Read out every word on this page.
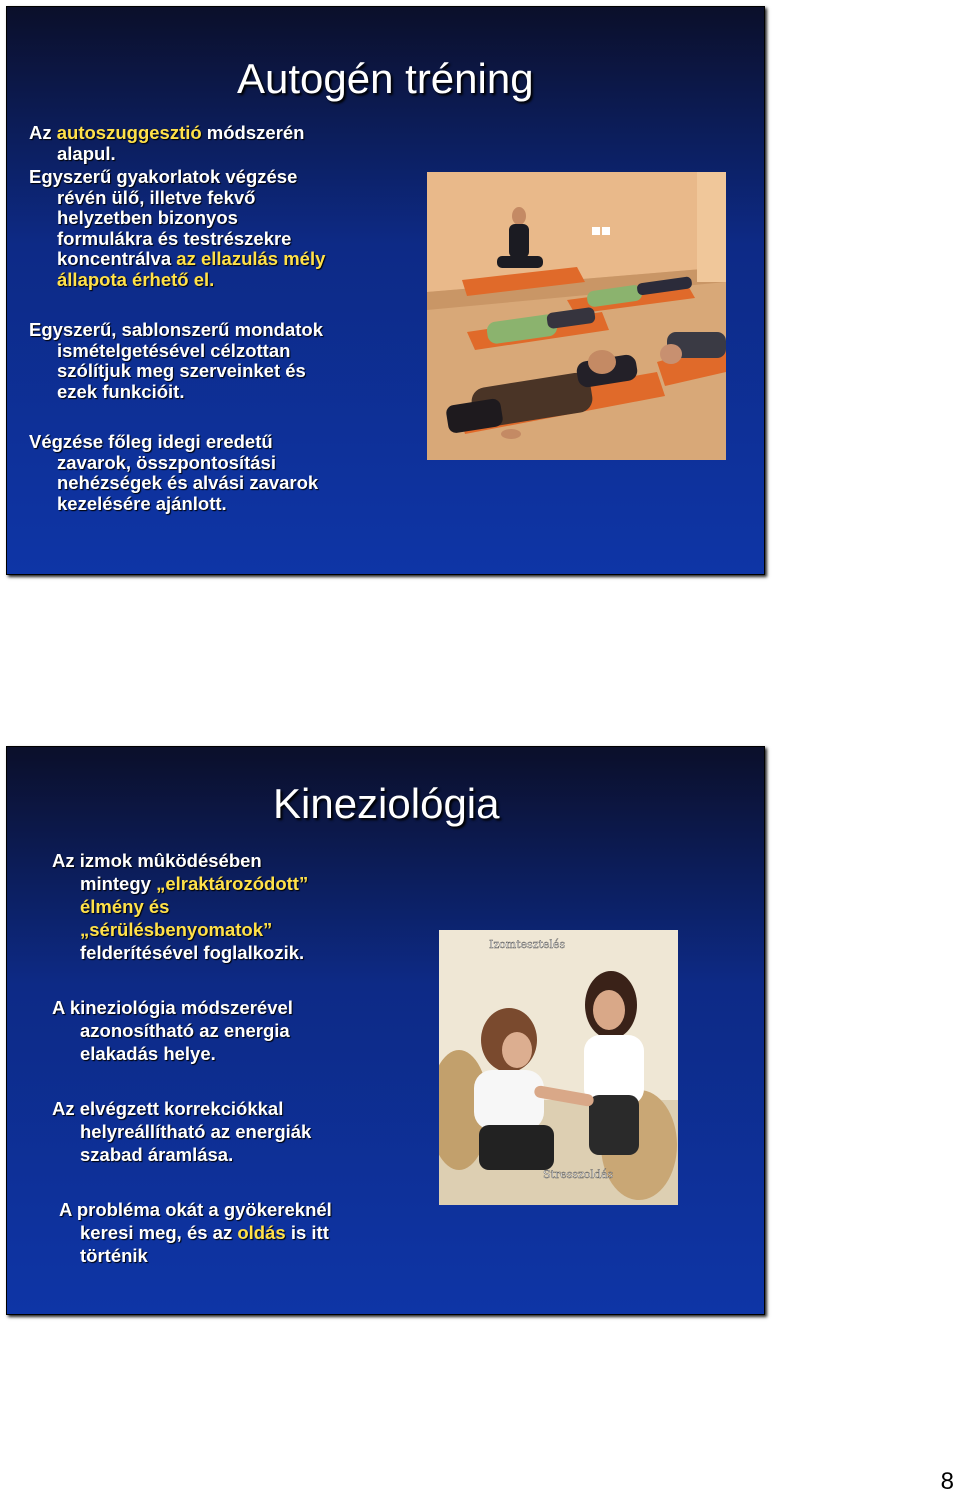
Autogén tréning
Az autoszuggesztió módszerén
alapul.
Egyszerű gyakorlatok végzése
révén ülő, illetve fekvő
helyzetben bizonyos
formulákra és testrészekre
koncentrálva az ellazulás mély
állapota érhető el.
Egyszerű, sablonszerű mondatok
ismételgetésével célzottan
szólítjuk meg szerveinket és
ezek funkcióit.
Végzése főleg idegi eredetű
zavarok, összpontosítási
nehézségek és alvási zavarok
kezelésére ajánlott.
Kineziológia
Az izmok mûködésében
mintegy „elraktározódott”
élmény és
„sérülésbenyomatok”
felderítésével foglalkozik.
A kineziológia módszerével
azonosítható az energia
elakadás helye.
Az elvégzett korrekciókkal
helyreállítható az energiák
szabad áramlása.
A probléma okát a gyökereknél
keresi meg, és az oldás is itt
történik
Izomtesztelés
Stresszoldás
8
